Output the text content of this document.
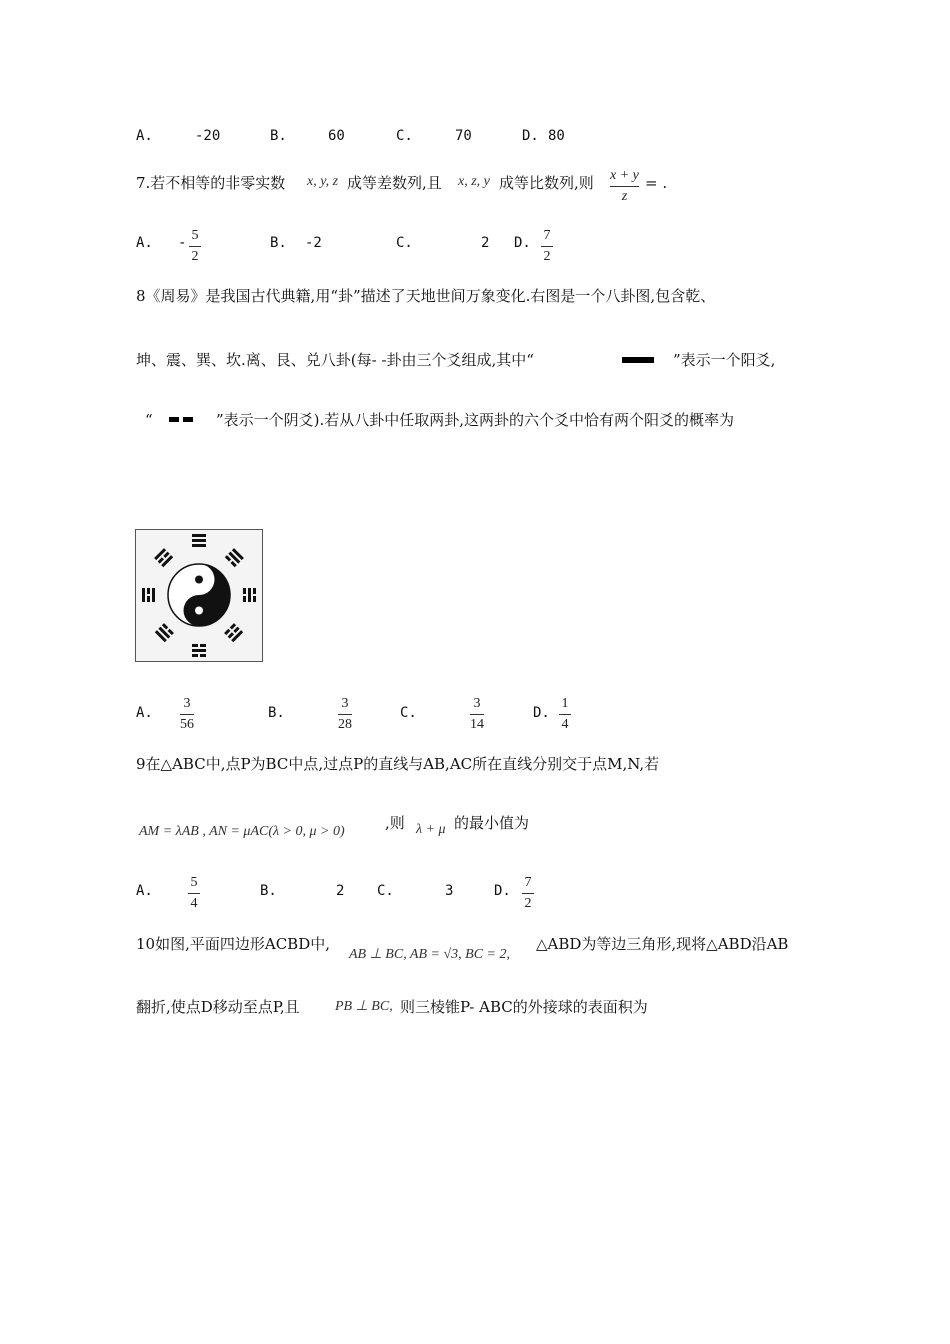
A.	-20	B.	60	C.	70	D. 80
7.若不相等的非零实数 x, y, z 成等差数列,且 x, z, y 成等比数列,则 x + y
z
= .
A. - 5
2
B. -2	C.	2 D. 7
2
8《周易》是我国古代典籍,用“卦”描述了天地世间万象变化.右图是一个八卦图,包含乾、
坤、震、巽、坎.离、艮、兑八卦(每- -卦由三个爻组成,其中“	”表示一个阳爻,
“	”表示一个阴爻).若从八卦中任取两卦,这两卦的六个爻中恰有两个阳爻的概率为
A.
3
56
B.
3
28
C.
3
14
D.
1
4
9在△ABC中,点P为BC中点,过点P的直线与AB,AC所在直线分别交于点M,N,若
AM = λAB , AN = μAC(λ > 0, μ > 0)	,则 λ + μ 的最小值为
A.
5
4
B.	2 C.	3	D.
7
2
10如图,平面四边形ACBD中,
AB ⊥ BC, AB = √3, BC = 2,
△ABD为等边三角形,现将△ABD沿AB
翻折,使点D移动至点P,且	PB ⊥ BC, 则三棱锥P- ABC的外接球的表面积为
